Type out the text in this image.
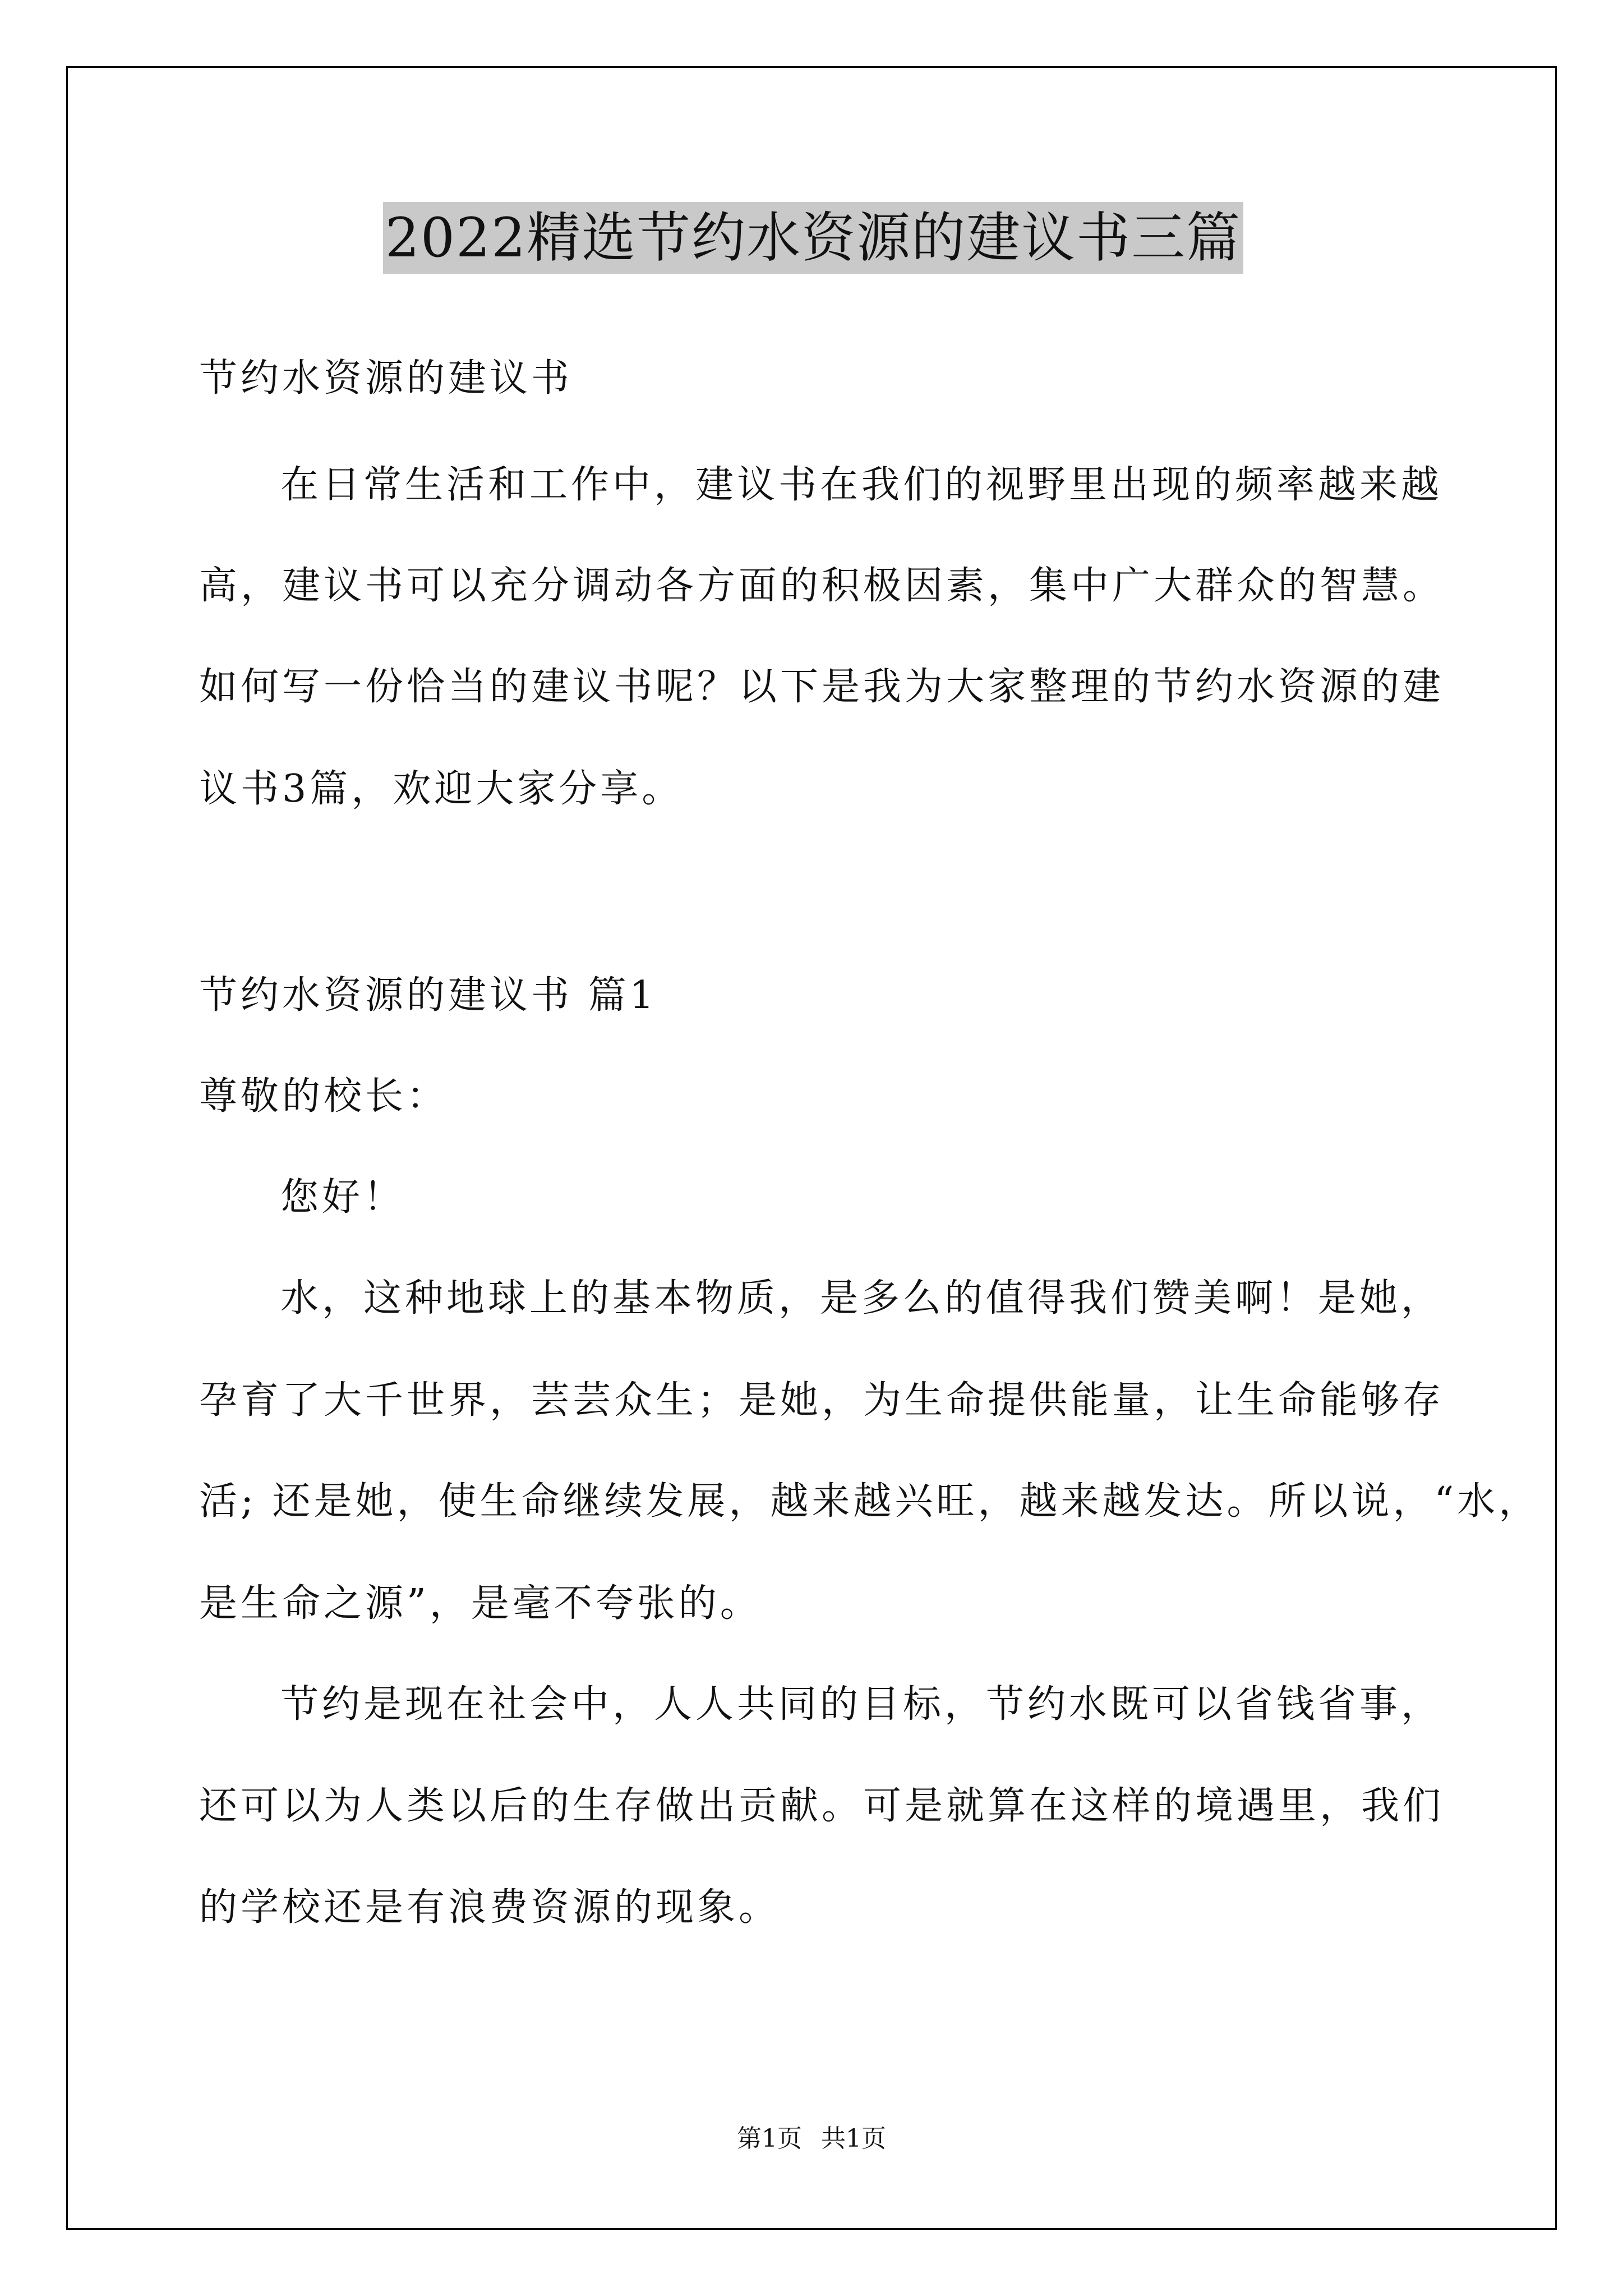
2022精选节约水资源的建议书三篇
节约水资源的建议书
在日常生活和工作中，建议书在我们的视野里出现的频率越来越
高，建议书可以充分调动各方面的积极因素，集中广大群众的智慧。
如何写一份恰当的建议书呢？以下是我为大家整理的节约水资源的建
议书3篇，欢迎大家分享。
节约水资源的建议书 篇1
尊敬的校长：
您好！
水，这种地球上的基本物质，是多么的值得我们赞美啊！是她，
孕育了大千世界，芸芸众生；是她，为生命提供能量，让生命能够存
活; 还是她，使生命继续发展，越来越兴旺，越来越发达。所以说，“水，
是生命之源”，是毫不夸张的。
节约是现在社会中，人人共同的目标，节约水既可以省钱省事，
还可以为人类以后的生存做出贡献。可是就算在这样的境遇里，我们
的学校还是有浪费资源的现象。
第1页 共1页
